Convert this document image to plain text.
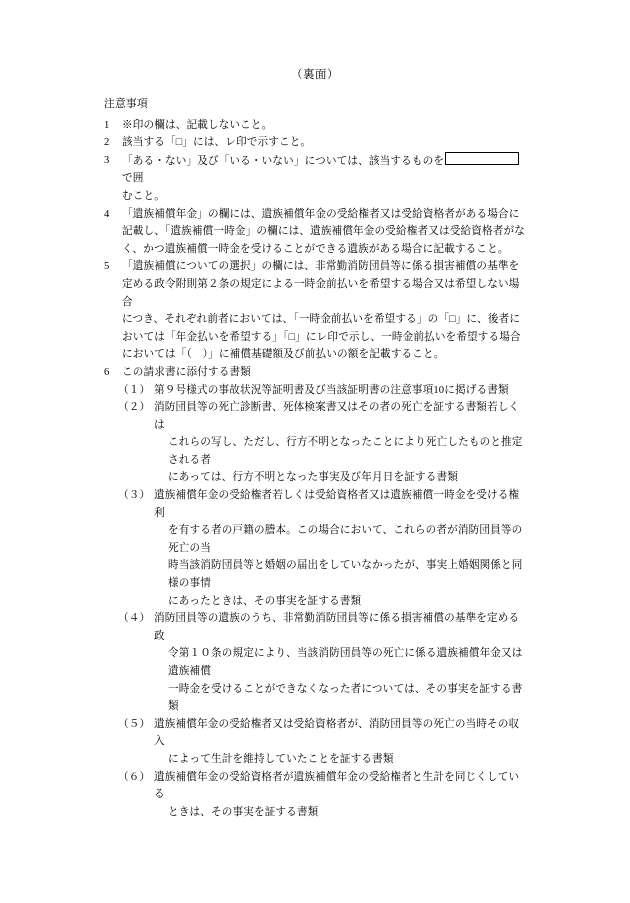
（裏面）

注意事項

1	※印の欄は、記載しないこと。
2	該当する「□」には、レ印で示すこと。
3	「ある・ない」及び「いる・いない」については、該当するものをで囲
むこと。
4	「遺族補償年金」の欄には、遺族補償年金の受給権者又は受給資格者がある場合に
記載し、「遺族補償一時金」の欄には、遺族補償年金の受給権者又は受給資格者がな
く、かつ遺族補償一時金を受けることができる遺族がある場合に記載すること。
5	「遺族補償についての選択」の欄には、非常勤消防団員等に係る損害補償の基準を
定める政令附則第２条の規定による一時金前払いを希望する場合又は希望しない場合
につき、それぞれ前者においては、「一時金前払いを希望する」の「□」に、後者に
おいては「年金払いを希望する」「□」にレ印で示し、一時金前払いを希望する場合
においては「（　）」に補償基礎額及び前払いの額を記載すること。
6	この請求書に添付する書類
（１） 第９号様式の事故状況等証明書及び当該証明書の注意事項10に掲げる書類
（２） 消防団員等の死亡診断書、死体検案書又はその者の死亡を証する書類若しくは
これらの写し、ただし、行方不明となったことにより死亡したものと推定される者
にあっては、行方不明となった事実及び年月日を証する書類
（３） 遺族補償年金の受給権者若しくは受給資格者又は遺族補償一時金を受ける権利
を有する者の戸籍の謄本。この場合において、これらの者が消防団員等の死亡の当
時当該消防団員等と婚姻の届出をしていなかったが、事実上婚姻関係と同様の事情
にあったときは、その事実を証する書類
（４） 消防団員等の遺族のうち、非常勤消防団員等に係る損害補償の基準を定める政
令第１０条の規定により、当該消防団員等の死亡に係る遺族補償年金又は遺族補償
一時金を受けることができなくなった者については、その事実を証する書類
（５） 遺族補償年金の受給権者又は受給資格者が、消防団員等の死亡の当時その収入
によって生計を維持していたことを証する書類
（６） 遺族補償年金の受給資格者が遺族補償年金の受給権者と生計を同じくしている
ときは、その事実を証する書類
